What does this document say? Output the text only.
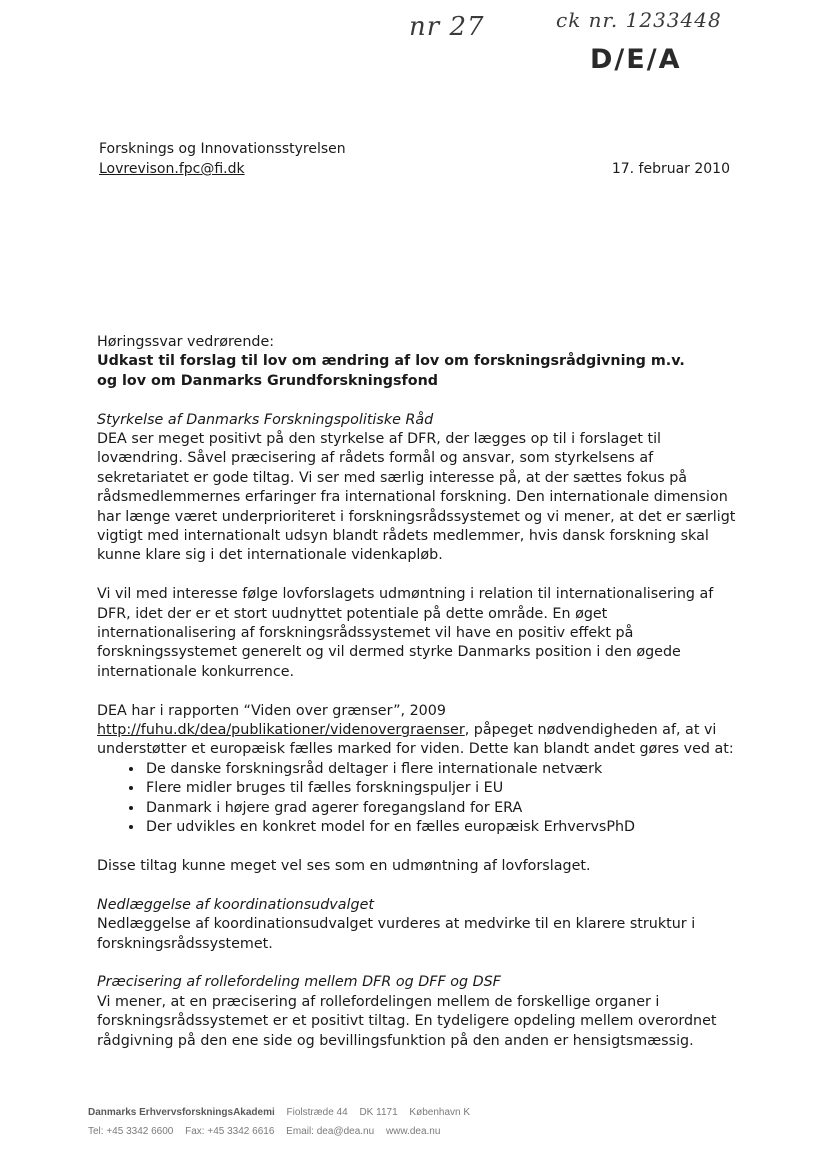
nr 27	ck nr. 1233448
D/E/A
Forsknings og Innovationsstyrelsen
Lovrevison.fpc@fi.dk	17. februar 2010

Høringssvar vedrørende:

Udkast til forslag til lov om ændring af lov om forskningsrådgivning m.v.

og lov om Danmarks Grundforskningsfond

Styrkelse af Danmarks Forskningspolitiske Råd

DEA ser meget positivt på den styrkelse af DFR, der lægges op til i forslaget til lovændring. Såvel præcisering af rådets formål og ansvar, som styrkelsens af sekretariatet er gode tiltag. Vi ser med særlig interesse på, at der sættes fokus på rådsmedlemmernes erfaringer fra international forskning. Den internationale dimension har længe været underprioriteret i forskningsrådssystemet og vi mener, at det er særligt vigtigt med internationalt udsyn blandt rådets medlemmer, hvis dansk forskning skal kunne klare sig i det internationale videnkapløb.

Vi vil med interesse følge lovforslagets udmøntning i relation til internationalisering af DFR, idet der er et stort uudnyttet potentiale på dette område. En øget internationalisering af forskningsrådssystemet vil have en positiv effekt på forskningssystemet generelt og vil dermed styrke Danmarks position i den øgede internationale konkurrence.

DEA har i rapporten “Viden over grænser”, 2009
http://fuhu.dk/dea/publikationer/videnovergraenser, påpeget nødvendigheden af, at vi understøtter et europæisk fælles marked for viden. Dette kan blandt andet gøres ved at:

• De danske forskningsråd deltager i flere internationale netværk
• Flere midler bruges til fælles forskningspuljer i EU
• Danmark i højere grad agerer foregangsland for ERA
• Der udvikles en konkret model for en fælles europæisk ErhvervsPhD

Disse tiltag kunne meget vel ses som en udmøntning af lovforslaget.

Nedlæggelse af koordinationsudvalget

Nedlæggelse af koordinationsudvalget vurderes at medvirke til en klarere struktur i forskningsrådssystemet.

Præcisering af rollefordeling mellem DFR og DFF og DSF

Vi mener, at en præcisering af rollefordelingen mellem de forskellige organer i forskningsrådssystemet er et positivt tiltag. En tydeligere opdeling mellem overordnet rådgivning på den ene side og bevillingsfunktion på den anden er hensigtsmæssig.

Danmarks ErhvervsforskningsAkademi Fiolstræde 44 DK 1171 København K
Tel: +45 3342 6600 Fax: +45 3342 6616 Email: dea@dea.nu www.dea.nu
